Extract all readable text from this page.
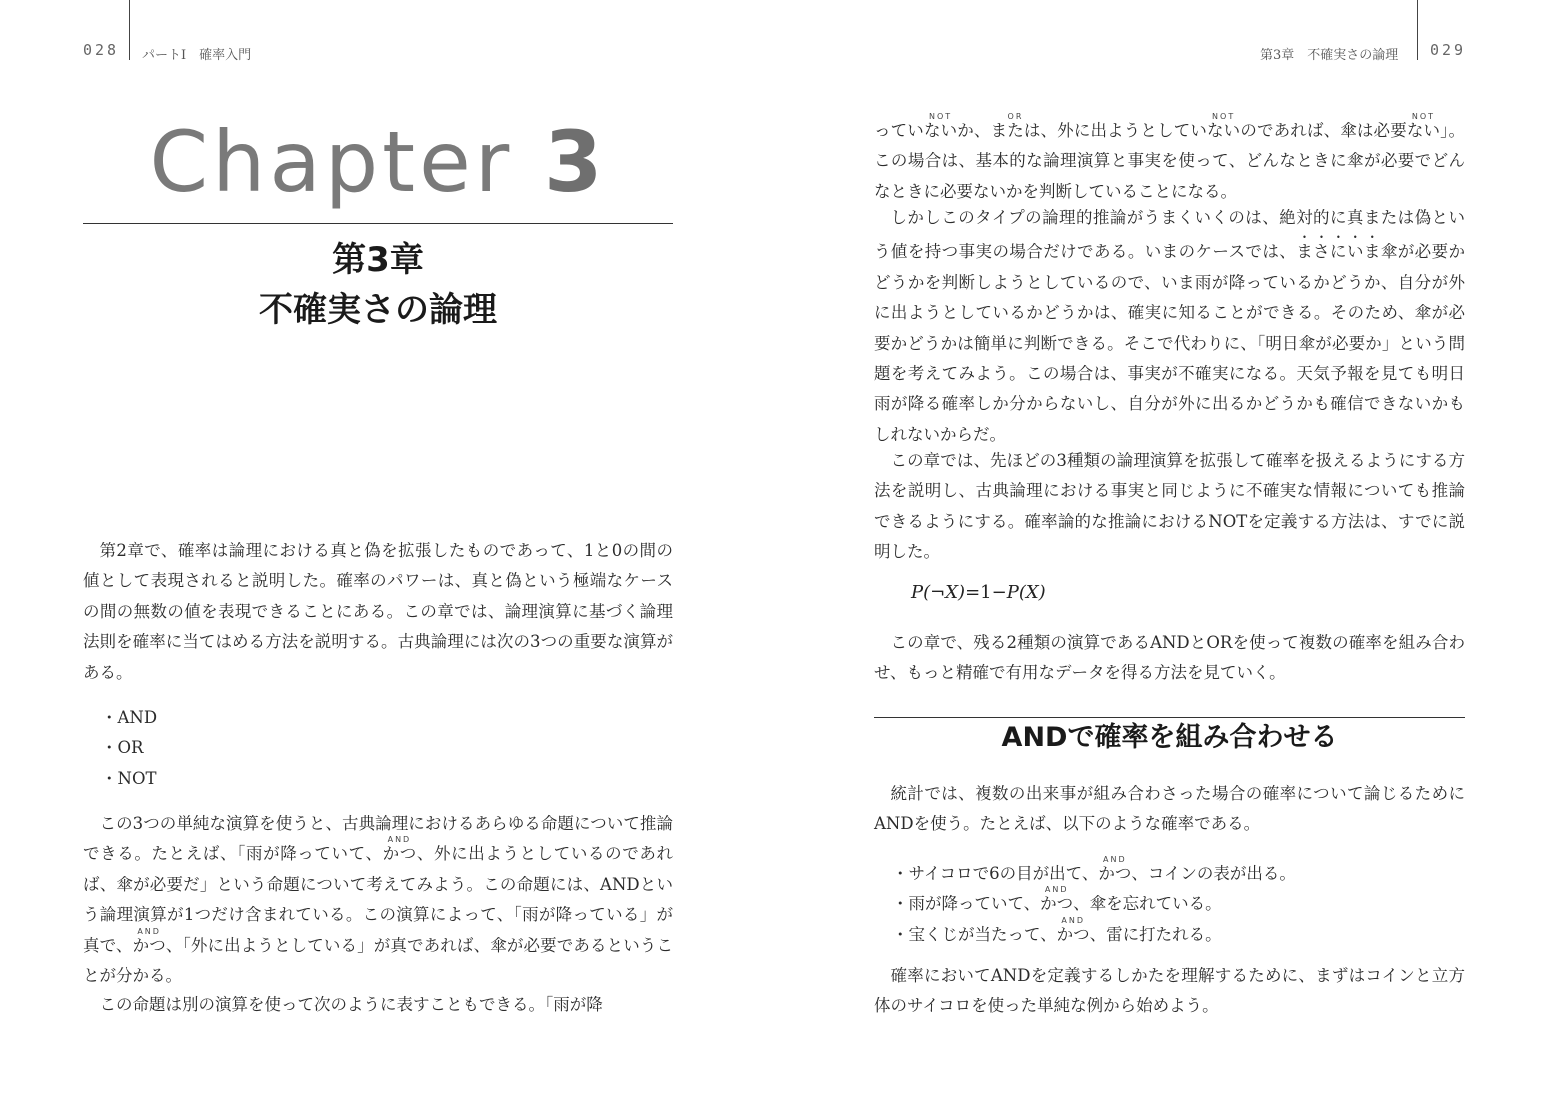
028 パートⅠ　確率入門
Chapter 3
第3章
不確実さの論理

第2章で、確率は論理における真と偽を拡張したものであって、1と0の間の値として表現されると説明した。確率のパワーは、真と偽という極端なケースの間の無数の値を表現できることにある。この章では、論理演算に基づく論理法則を確率に当てはめる方法を説明する。古典論理には次の3つの重要な演算がある。

・AND
・OR
・NOT

この3つの単純な演算を使うと、古典論理におけるあらゆる命題について推論できる。たとえば、「雨が降っていて、かつAND、外に出ようとしているのであれば、傘が必要だ」という命題について考えてみよう。この命題には、ANDという論理演算が1つだけ含まれている。この演算によって、「雨が降っている」が真で、かつAND、「外に出ようとしている」が真であれば、傘が必要であるということが分かる。

この命題は別の演算を使って次のように表すこともできる。「雨が降

第3章　不確実さの論理 029

っていないNOTか、またはOR、外に出ようとしていないNOTのであれば、傘は必要ないNOT」。この場合は、基本的な論理演算と事実を使って、どんなときに傘が必要でどんなときに必要ないかを判断していることになる。

しかしこのタイプの論理的推論がうまくいくのは、絶対的に真または偽という値を持つ事実の場合だけである。いまのケースでは、まさにいま傘が必要かどうかを判断しようとしているので、いま雨が降っているかどうか、自分が外に出ようとしているかどうかは、確実に知ることができる。そのため、傘が必要かどうかは簡単に判断できる。そこで代わりに、「明日傘が必要か」という問題を考えてみよう。この場合は、事実が不確実になる。天気予報を見ても明日雨が降る確率しか分からないし、自分が外に出るかどうかも確信できないかもしれないからだ。

この章では、先ほどの3種類の論理演算を拡張して確率を扱えるようにする方法を説明し、古典論理における事実と同じように不確実な情報についても推論できるようにする。確率論的な推論におけるNOTを定義する方法は、すでに説明した。

P(¬X)=1−P(X)

この章で、残る2種類の演算であるANDとORを使って複数の確率を組み合わせ、もっと精確で有用なデータを得る方法を見ていく。

ANDで確率を組み合わせる

統計では、複数の出来事が組み合わさった場合の確率について論じるためにANDを使う。たとえば、以下のような確率である。

・サイコロで6の目が出て、かつAND、コインの表が出る。
・雨が降っていて、かつAND、傘を忘れている。
・宝くじが当たって、かつAND、雷に打たれる。

確率においてANDを定義するしかたを理解するために、まずはコインと立方体のサイコロを使った単純な例から始めよう。
